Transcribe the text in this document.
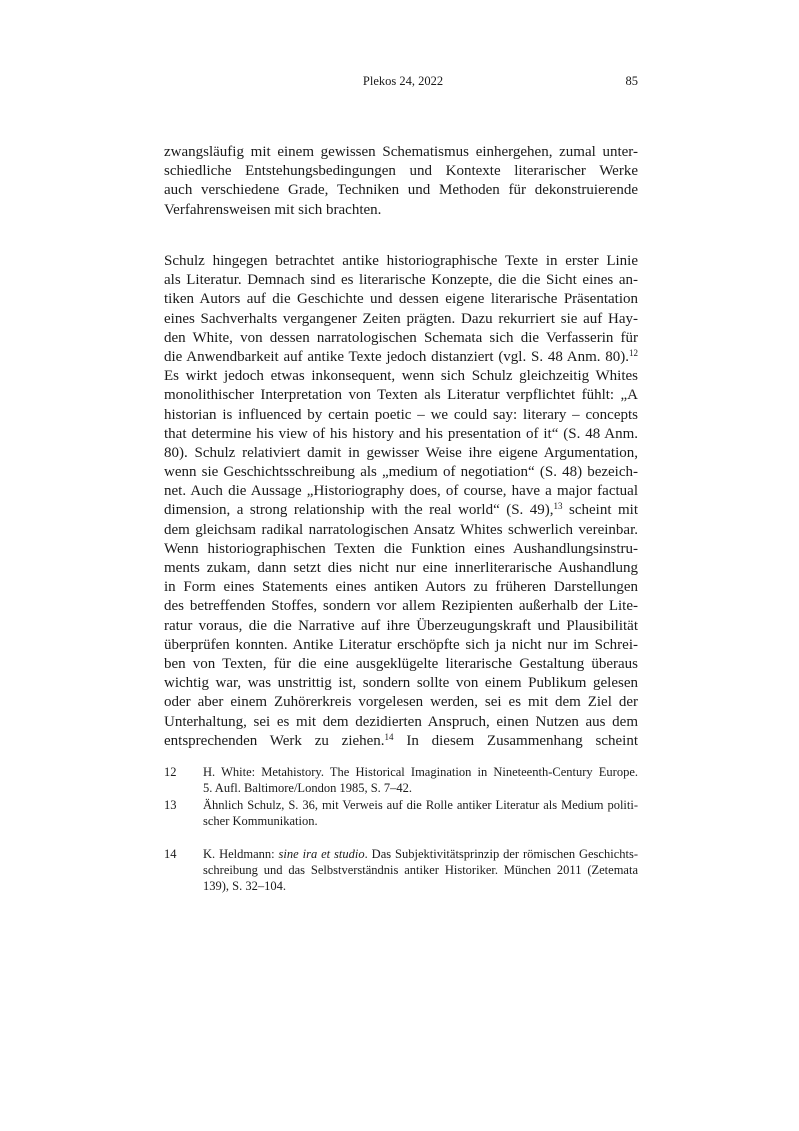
Plekos 24, 2022	85
zwangsläufig mit einem gewissen Schematismus einhergehen, zumal unter-
schiedliche Entstehungsbedingungen und Kontexte literarischer Werke
auch verschiedene Grade, Techniken und Methoden für dekonstruierende
Verfahrensweisen mit sich brachten.
Schulz hingegen betrachtet antike historiographische Texte in erster Linie
als Literatur. Demnach sind es literarische Konzepte, die die Sicht eines an-
tiken Autors auf die Geschichte und dessen eigene literarische Präsentation
eines Sachverhalts vergangener Zeiten prägten. Dazu rekurriert sie auf Hay-
den White, von dessen narratologischen Schemata sich die Verfasserin für
die Anwendbarkeit auf antike Texte jedoch distanziert (vgl. S. 48 Anm. 80).$^{12}$
Es wirkt jedoch etwas inkonsequent, wenn sich Schulz gleichzeitig Whites
monolithischer Interpretation von Texten als Literatur verpflichtet fühlt: „A
historian is influenced by certain poetic – we could say: literary – concepts
that determine his view of his history and his presentation of it“ (S. 48 Anm.
80). Schulz relativiert damit in gewisser Weise ihre eigene Argumentation,
wenn sie Geschichtsschreibung als „medium of negotiation“ (S. 48) bezeich-
net. Auch die Aussage „Historiography does, of course, have a major factual
dimension, a strong relationship with the real world“ (S. 49),$^{13}$ scheint mit
dem gleichsam radikal narratologischen Ansatz Whites schwerlich vereinbar.
Wenn historiographischen Texten die Funktion eines Aushandlungsinstru-
ments zukam, dann setzt dies nicht nur eine innerliterarische Aushandlung
in Form eines Statements eines antiken Autors zu früheren Darstellungen
des betreffenden Stoffes, sondern vor allem Rezipienten außerhalb der Lite-
ratur voraus, die die Narrative auf ihre Überzeugungskraft und Plausibilität
überprüfen konnten. Antike Literatur erschöpfte sich ja nicht nur im Schrei-
ben von Texten, für die eine ausgeklügelte literarische Gestaltung überaus
wichtig war, was unstrittig ist, sondern sollte von einem Publikum gelesen
oder aber einem Zuhörerkreis vorgelesen werden, sei es mit dem Ziel der
Unterhaltung, sei es mit dem dezidierten Anspruch, einen Nutzen aus dem
entsprechenden Werk zu ziehen.$^{14}$ In diesem Zusammenhang scheint
12 H. White: Metahistory. The Historical Imagination in Nineteenth-Century Europe.
5. Aufl. Baltimore/London 1985, S. 7–42.
13 Ähnlich Schulz, S. 36, mit Verweis auf die Rolle antiker Literatur als Medium politi-
scher Kommunikation.
14 K. Heldmann: sine ira et studio. Das Subjektivitätsprinzip der römischen Geschichts-
schreibung und das Selbstverständnis antiker Historiker. München 2011 (Zetemata
139), S. 32–104.
